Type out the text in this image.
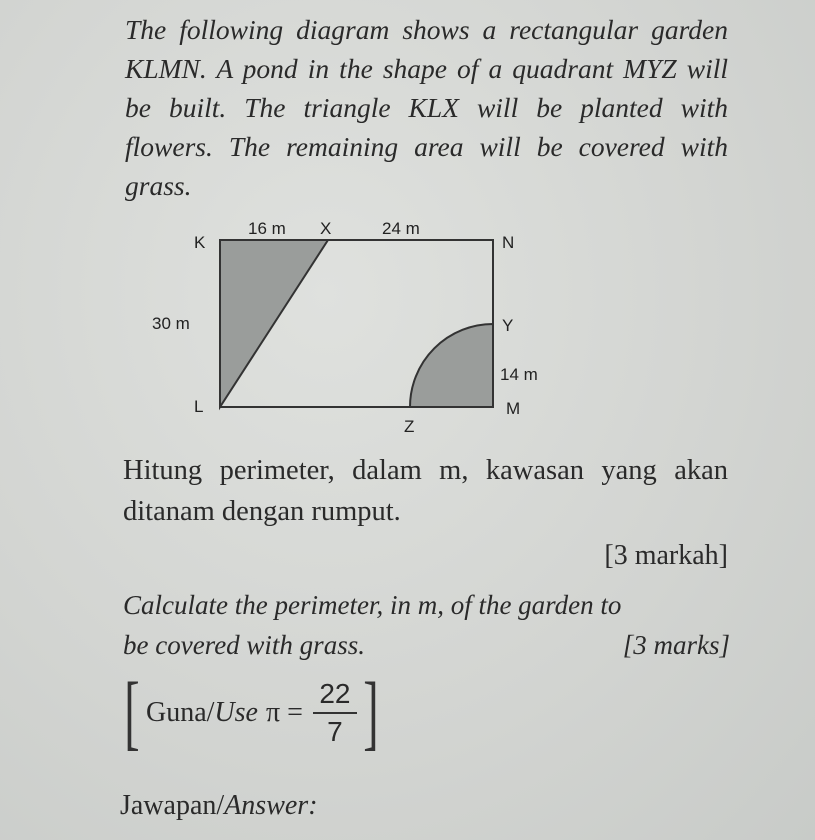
The following diagram shows a rectangular garden KLMN. A pond in the shape of a quadrant MYZ will be built. The triangle KLX will be planted with flowers. The remaining area will be covered with grass.

K
16 m X	24 m
N
30 m	Y
14 m
L	M
Z
Hitung perimeter, dalam m, kawasan yang akan ditanam dengan rumput.
[3 markah]
Calculate the perimeter, in m, of the garden to
be covered with grass.	[3 marks]
[ Guna/ Use $\pi = \frac{22}{7}$ ]
Jawapan/Answer:
